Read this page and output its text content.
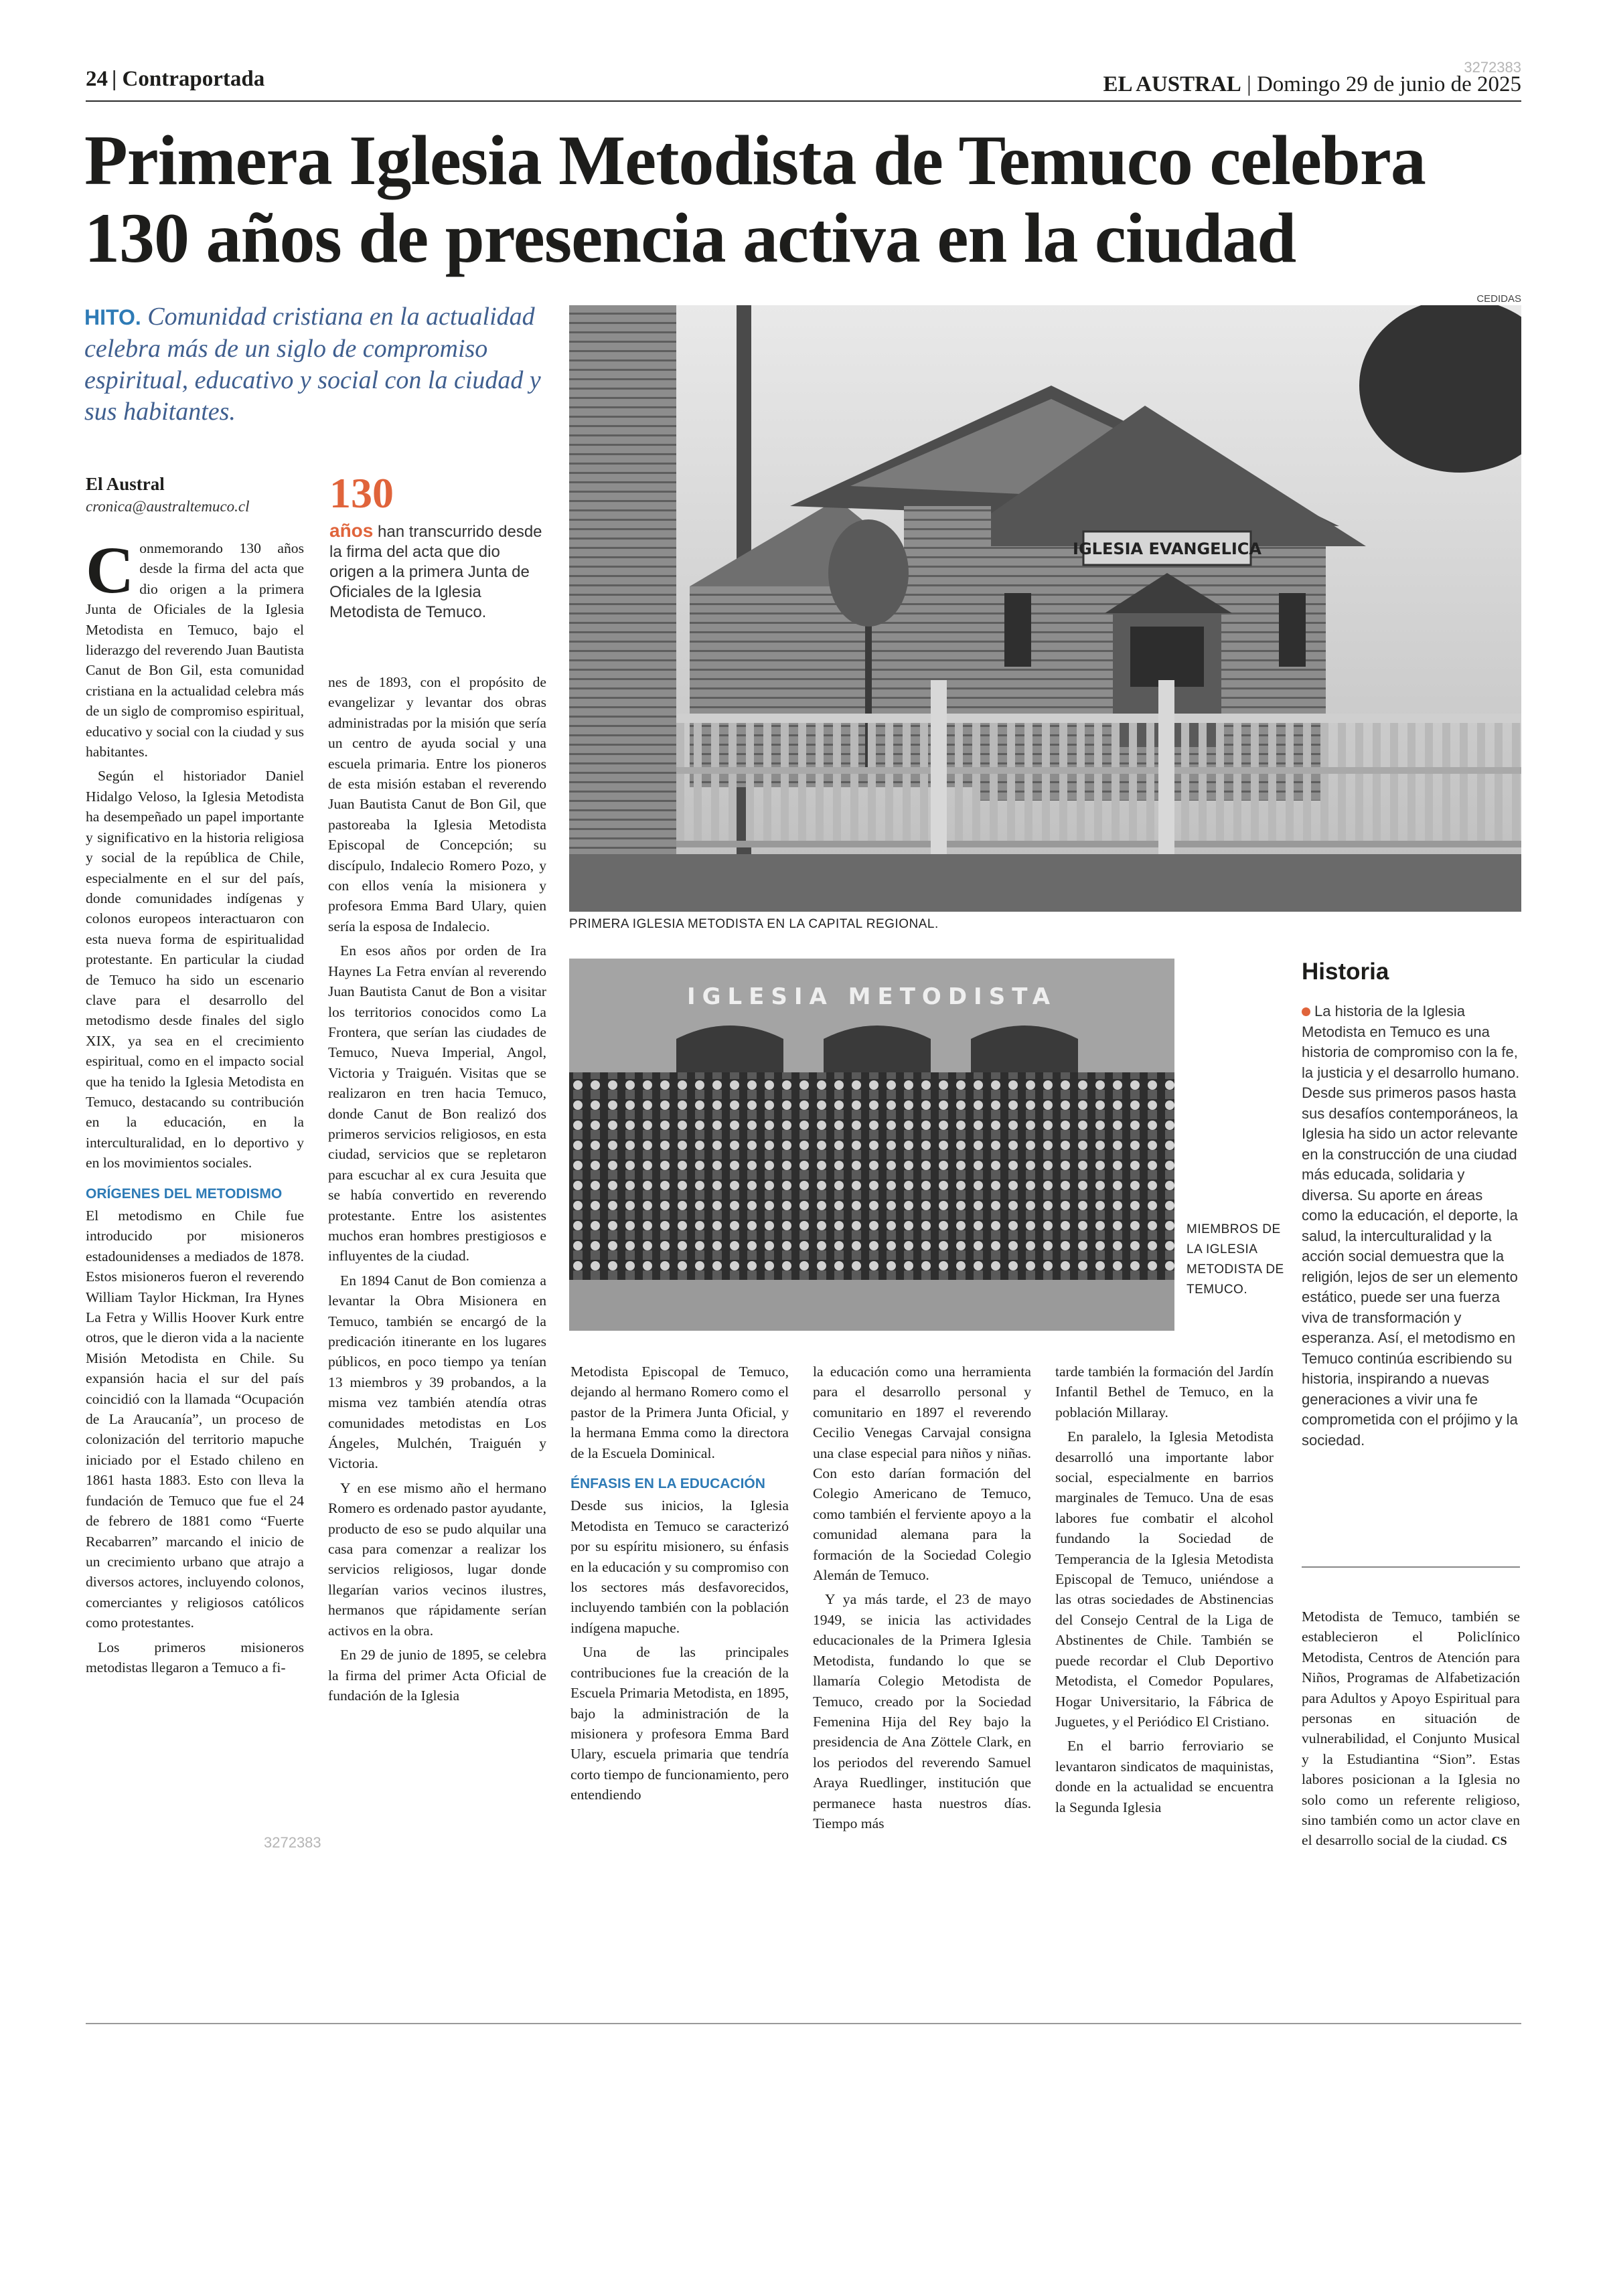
24 | Contraportada	3272383
EL AUSTRAL | Domingo 29 de junio de 2025
Primera Iglesia Metodista de Temuco celebra 130 años de presencia activa en la ciudad
HITO. Comunidad cristiana en la actualidad celebra más de un siglo de compromiso espiritual, educativo y social con la ciudad y sus habitantes.
El Austral
cronica@australtemuco.cl 130
años han transcurrido desde la firma del acta que dio origen a la primera Junta de Oficiales de la Iglesia Metodista de Temuco.
CEDIDAS
IGLESIA EVANGELICA
PRIMERA IGLESIA METODISTA EN LA CAPITAL REGIONAL.
IGLESIA METODISTA
MIEMBROS DE LA IGLESIA METODISTA DE TEMUCO.

Conmemorando 130 años desde la firma del acta que dio origen a la primera Junta de Oficiales de la Iglesia Metodista en Temuco, bajo el liderazgo del reverendo Juan Bautista Canut de Bon Gil, esta comunidad cristiana en la actualidad celebra más de un siglo de compromiso espiritual, educativo y social con la ciudad y sus habitantes.

Según el historiador Daniel Hidalgo Veloso, la Iglesia Metodista ha desempeñado un papel importante y significativo en la historia religiosa y social de la república de Chile, especialmente en el sur del país, donde comunidades indígenas y colonos europeos interactuaron con esta nueva forma de espiritualidad protestante. En particular la ciudad de Temuco ha sido un escenario clave para el desarrollo del metodismo desde finales del siglo XIX, ya sea en el crecimiento espiritual, como en el impacto social que ha tenido la Iglesia Metodista en Temuco, destacando su contribución en la educación, en la interculturalidad, en lo deportivo y en los movimientos sociales.

ORÍGENES DEL METODISMO

El metodismo en Chile fue introducido por misioneros estadounidenses a mediados de 1878. Estos misioneros fueron el reverendo William Taylor Hickman, Ira Hynes La Fetra y Willis Hoover Kurk entre otros, que le dieron vida a la naciente Misión Metodista en Chile. Su expansión hacia el sur del país coincidió con la llamada “Ocupación de La Araucanía”, un proceso de colonización del territorio mapuche iniciado por el Estado chileno en 1861 hasta 1883. Esto con lleva la fundación de Temuco que fue el 24 de febrero de 1881 como “Fuerte Recabarren” marcando el inicio de un crecimiento urbano que atrajo a diversos actores, incluyendo colonos, comerciantes y religiosos católicos como protestantes.

Los primeros misioneros metodistas llegaron a Temuco a fi-

nes de 1893, con el propósito de evangelizar y levantar dos obras administradas por la misión que sería un centro de ayuda social y una escuela primaria. Entre los pioneros de esta misión estaban el reverendo Juan Bautista Canut de Bon Gil, que pastoreaba la Iglesia Metodista Episcopal de Concepción; su discípulo, Indalecio Romero Pozo, y con ellos venía la misionera y profesora Emma Bard Ulary, quien sería la esposa de Indalecio.

En esos años por orden de Ira Haynes La Fetra envían al reverendo Juan Bautista Canut de Bon a visitar los territorios conocidos como La Frontera, que serían las ciudades de Temuco, Nueva Imperial, Angol, Victoria y Traiguén. Visitas que se realizaron en tren hacia Temuco, donde Canut de Bon realizó dos primeros servicios religiosos, en esta ciudad, servicios que se repletaron para escuchar al ex cura Jesuita que se había convertido en reverendo protestante. Entre los asistentes muchos eran hombres prestigiosos e influyentes de la ciudad.

En 1894 Canut de Bon comienza a levantar la Obra Misionera en Temuco, también se encargó de la predicación itinerante en los lugares públicos, en poco tiempo ya tenían 13 miembros y 39 probandos, a la misma vez también atendía otras comunidades metodistas en Los Ángeles, Mulchén, Traiguén y Victoria.

Y en ese mismo año el hermano Romero es ordenado pastor ayudante, producto de eso se pudo alquilar una casa para comenzar a realizar los servicios religiosos, lugar donde llegarían varios vecinos ilustres, hermanos que rápidamente serían activos en la obra.

En 29 de junio de 1895, se celebra la firma del primer Acta Oficial de fundación de la Iglesia

Metodista Episcopal de Temuco, dejando al hermano Romero como el pastor de la Primera Junta Oficial, y la hermana Emma como la directora de la Escuela Dominical.

ÉNFASIS EN LA EDUCACIÓN

Desde sus inicios, la Iglesia Metodista en Temuco se caracterizó por su espíritu misionero, su énfasis en la educación y su compromiso con los sectores más desfavorecidos, incluyendo también con la población indígena mapuche.

Una de las principales contribuciones fue la creación de la Escuela Primaria Metodista, en 1895, bajo la administración de la misionera y profesora Emma Bard Ulary, escuela primaria que tendría corto tiempo de funcionamiento, pero entendiendo

la educación como una herramienta para el desarrollo personal y comunitario en 1897 el reverendo Cecilio Venegas Carvajal consigna una clase especial para niños y niñas. Con esto darían formación del Colegio Americano de Temuco, como también el ferviente apoyo a la comunidad alemana para la formación de la Sociedad Colegio Alemán de Temuco.

Y ya más tarde, el 23 de mayo 1949, se inicia las actividades educacionales de la Primera Iglesia Metodista, fundando lo que se llamaría Colegio Metodista de Temuco, creado por la Sociedad Femenina Hija del Rey bajo la presidencia de Ana Zöttele Clark, en los periodos del reverendo Samuel Araya Ruedlinger, institución que permanece hasta nuestros días. Tiempo más

tarde también la formación del Jardín Infantil Bethel de Temuco, en la población Millaray.

En paralelo, la Iglesia Metodista desarrolló una importante labor social, especialmente en barrios marginales de Temuco. Una de esas labores fue combatir el alcohol fundando la Sociedad de Temperancia de la Iglesia Metodista Episcopal de Temuco, uniéndose a las otras sociedades de Abstinencias del Consejo Central de la Liga de Abstinentes de Chile. También se puede recordar el Club Deportivo Metodista, el Comedor Populares, Hogar Universitario, la Fábrica de Juguetes, y el Periódico El Cristiano.

En el barrio ferroviario se levantaron sindicatos de maquinistas, donde en la actualidad se encuentra la Segunda Iglesia

Historia
La historia de la Iglesia Metodista en Temuco es una historia de compromiso con la fe, la justicia y el desarrollo humano. Desde sus primeros pasos hasta sus desafíos contemporáneos, la Iglesia ha sido un actor relevante en la construcción de una ciudad más educada, solidaria y diversa. Su aporte en áreas como la educación, el deporte, la salud, la interculturalidad y la acción social demuestra que la religión, lejos de ser un elemento estático, puede ser una fuerza viva de transformación y esperanza. Así, el metodismo en Temuco continúa escribiendo su historia, inspirando a nuevas generaciones a vivir una fe comprometida con el prójimo y la sociedad.

Metodista de Temuco, también se establecieron el Policlínico Metodista, Centros de Atención para Niños, Programas de Alfabetización para Adultos y Apoyo Espiritual para personas en situación de vulnerabilidad, el Conjunto Musical y la Estudiantina “Sion”. Estas labores posicionan a la Iglesia no solo como un referente religioso, sino también como un actor clave en el desarrollo social de la ciudad. CS

3272383
